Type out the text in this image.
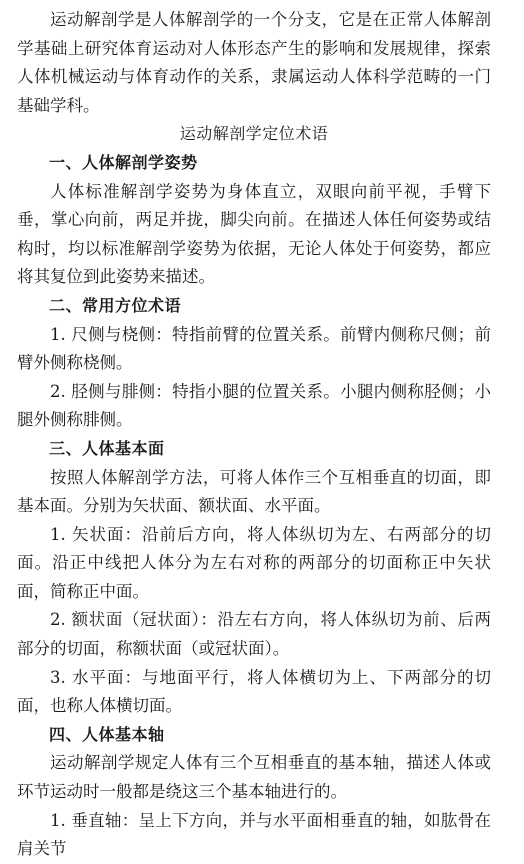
运动解剖学是人体解剖学的一个分支，它是在正常人体解剖学基础上研究体育运动对人体形态产生的影响和发展规律，探索人体机械运动与体育动作的关系，隶属运动人体科学范畴的一门基础学科。

运动解剖学定位术语

一、人体解剖学姿势

人体标准解剖学姿势为身体直立，双眼向前平视，手臂下垂，掌心向前，两足并拢，脚尖向前。在描述人体任何姿势或结构时，均以标准解剖学姿势为依据，无论人体处于何姿势，都应将其复位到此姿势来描述。

二、常用方位术语

1. 尺侧与桡侧：特指前臂的位置关系。前臂内侧称尺侧；前臂外侧称桡侧。

2. 胫侧与腓侧：特指小腿的位置关系。小腿内侧称胫侧；小腿外侧称腓侧。

三、人体基本面

按照人体解剖学方法，可将人体作三个互相垂直的切面，即基本面。分别为矢状面、额状面、水平面。

1. 矢状面：沿前后方向，将人体纵切为左、右两部分的切面。沿正中线把人体分为左右对称的两部分的切面称正中矢状面，简称正中面。

2. 额状面（冠状面）：沿左右方向，将人体纵切为前、后两部分的切面，称额状面（或冠状面）。

3. 水平面：与地面平行，将人体横切为上、下两部分的切面，也称人体横切面。

四、人体基本轴

运动解剖学规定人体有三个互相垂直的基本轴，描述人体或环节运动时一般都是绕这三个基本轴进行的。

1. 垂直轴：呈上下方向，并与水平面相垂直的轴，如肱骨在肩关节
